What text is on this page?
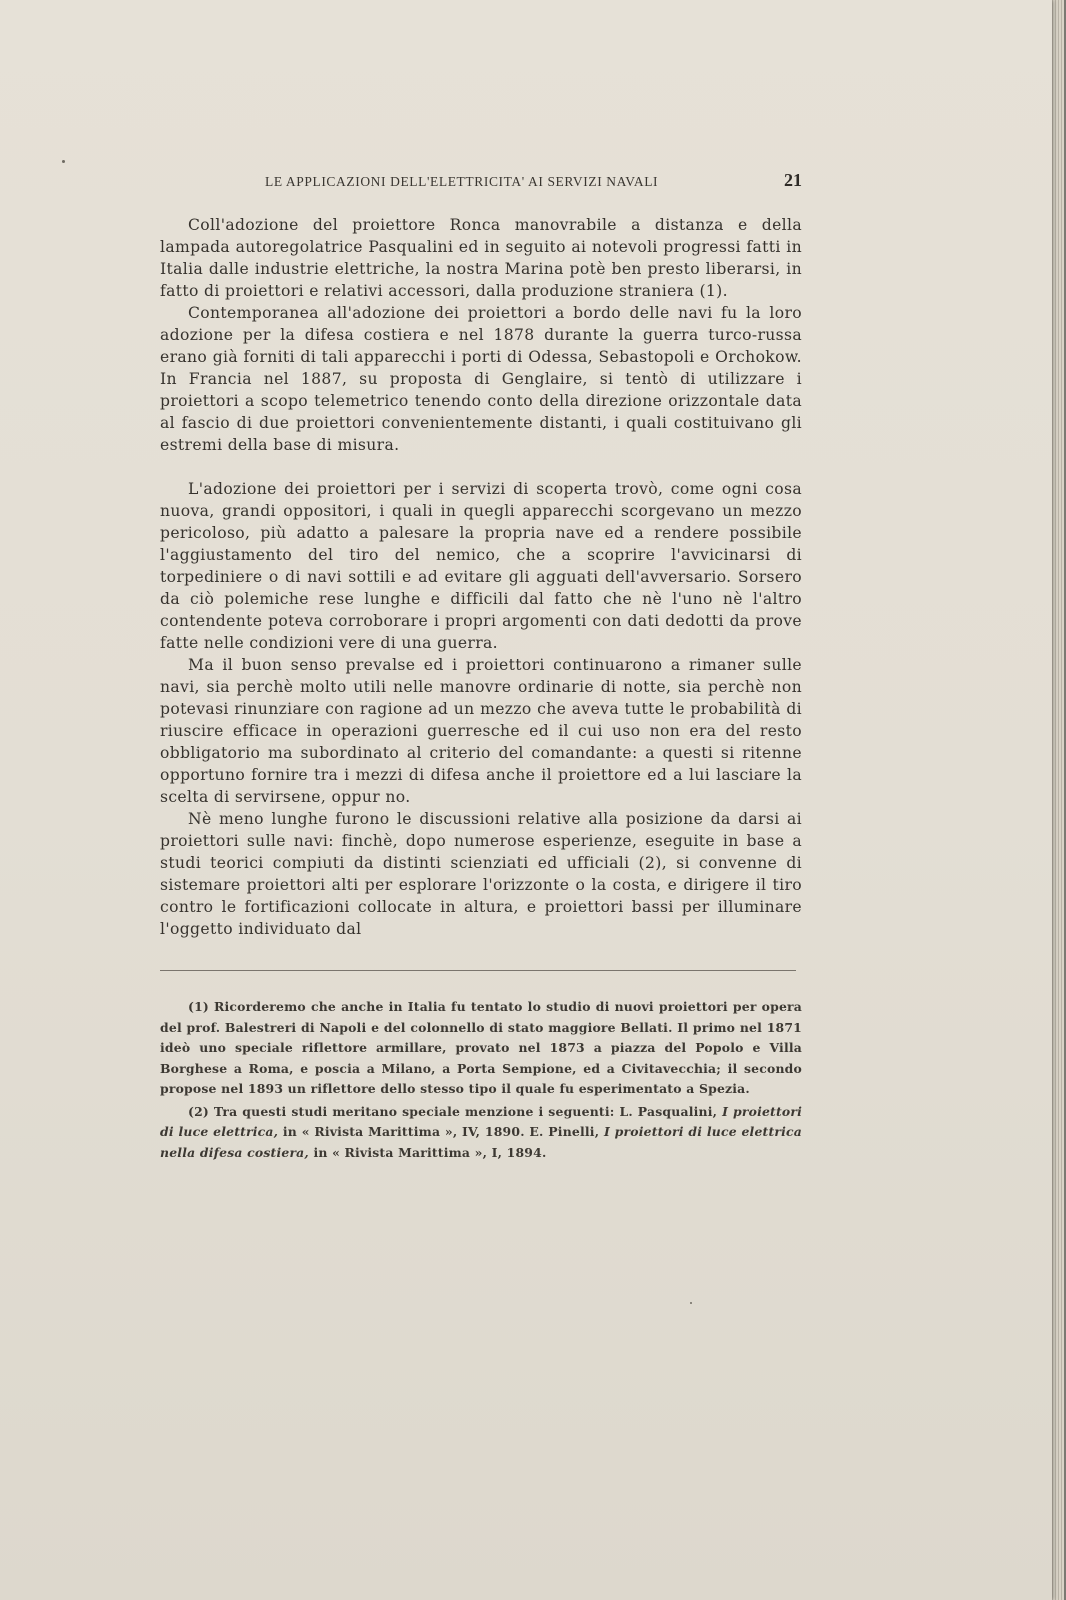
LE APPLICAZIONI DELL'ELETTRICITA' AI SERVIZI NAVALI	21

Coll'adozione del proiettore Ronca manovrabile a distanza e della lampada autoregolatrice Pasqualini ed in seguito ai notevoli progressi fatti in Italia dalle industrie elettriche, la nostra Marina potè ben presto liberarsi, in fatto di proiettori e relativi accessori, dalla produzione straniera (1).

Contemporanea all'adozione dei proiettori a bordo delle navi fu la loro adozione per la difesa costiera e nel 1878 durante la guerra turco-russa erano già forniti di tali apparecchi i porti di Odessa, Sebastopoli e Orchokow. In Francia nel 1887, su proposta di Genglaire, si tentò di utilizzare i proiettori a scopo telemetrico tenendo conto della direzione orizzontale data al fascio di due proiettori convenientemente distanti, i quali costituivano gli estremi della base di misura.

L'adozione dei proiettori per i servizi di scoperta trovò, come ogni cosa nuova, grandi oppositori, i quali in quegli apparecchi scorgevano un mezzo pericoloso, più adatto a palesare la propria nave ed a rendere possibile l'aggiustamento del tiro del nemico, che a scoprire l'avvicinarsi di torpediniere o di navi sottili e ad evitare gli agguati dell'avversario. Sorsero da ciò polemiche rese lunghe e difficili dal fatto che nè l'uno nè l'altro contendente poteva corroborare i propri argomenti con dati dedotti da prove fatte nelle condizioni vere di una guerra.

Ma il buon senso prevalse ed i proiettori continuarono a rimaner sulle navi, sia perchè molto utili nelle manovre ordinarie di notte, sia perchè non potevasi rinunziare con ragione ad un mezzo che aveva tutte le probabilità di riuscire efficace in operazioni guerresche ed il cui uso non era del resto obbligatorio ma subordinato al criterio del comandante: a questi si ritenne opportuno fornire tra i mezzi di difesa anche il proiettore ed a lui lasciare la scelta di servirsene, oppur no.

Nè meno lunghe furono le discussioni relative alla posizione da darsi ai proiettori sulle navi: finchè, dopo numerose esperienze, eseguite in base a studi teorici compiuti da distinti scienziati ed ufficiali (2), si convenne di sistemare proiettori alti per esplorare l'orizzonte o la costa, e dirigere il tiro contro le fortificazioni collocate in altura, e proiettori bassi per illuminare l'oggetto individuato dal

(1) Ricorderemo che anche in Italia fu tentato lo studio di nuovi proiettori per opera del prof. Balestreri di Napoli e del colonnello di stato maggiore Bellati. Il primo nel 1871 ideò uno speciale riflettore armillare, provato nel 1873 a piazza del Popolo e Villa Borghese a Roma, e poscia a Milano, a Porta Sempione, ed a Civitavecchia; il secondo propose nel 1893 un riflettore dello stesso tipo il quale fu esperimentato a Spezia.

(2) Tra questi studi meritano speciale menzione i seguenti: L. Pasqualini, I proiettori di luce elettrica, in « Rivista Marittima », IV, 1890. E. Pinelli, I proiettori di luce elettrica nella difesa costiera, in « Rivista Marittima », I, 1894.
